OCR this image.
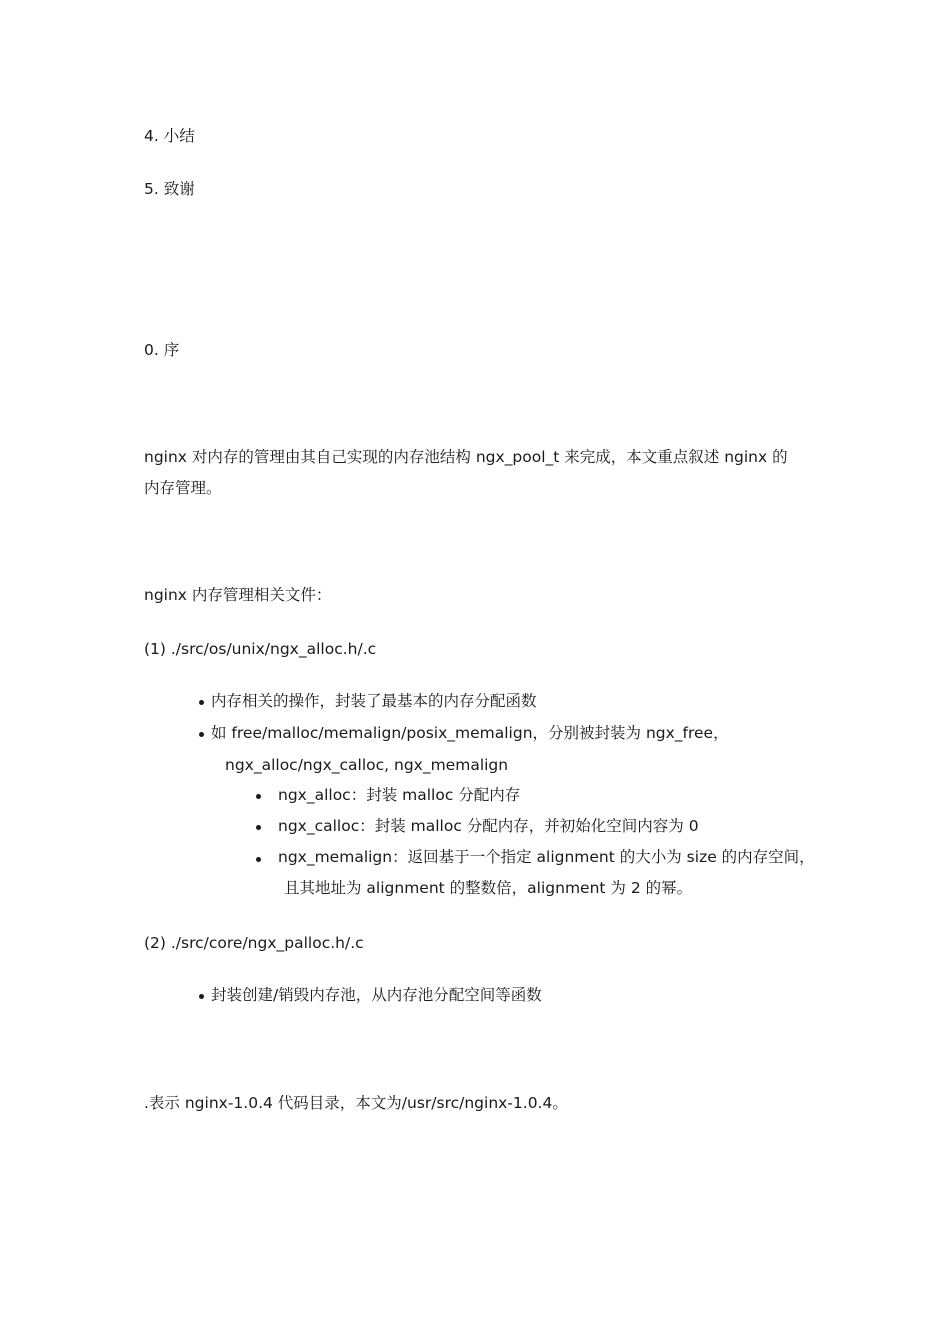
4. 小结
5. 致谢
0. 序
nginx 对内存的管理由其自己实现的内存池结构 ngx_pool_t 来完成，本文重点叙述 nginx 的
内存管理。
nginx 内存管理相关文件：
(1) ./src/os/unix/ngx_alloc.h/.c
内存相关的操作，封装了最基本的内存分配函数
如 free/malloc/memalign/posix_memalign，分别被封装为 ngx_free，
ngx_alloc/ngx_calloc, ngx_memalign
ngx_alloc：封装 malloc 分配内存
ngx_calloc：封装 malloc 分配内存，并初始化空间内容为 0
ngx_memalign：返回基于一个指定 alignment 的大小为 size 的内存空间，
且其地址为 alignment 的整数倍，alignment 为 2 的幂。
(2) ./src/core/ngx_palloc.h/.c
封装创建/销毁内存池，从内存池分配空间等函数
.表示 nginx-1.0.4 代码目录，本文为/usr/src/nginx-1.0.4。
